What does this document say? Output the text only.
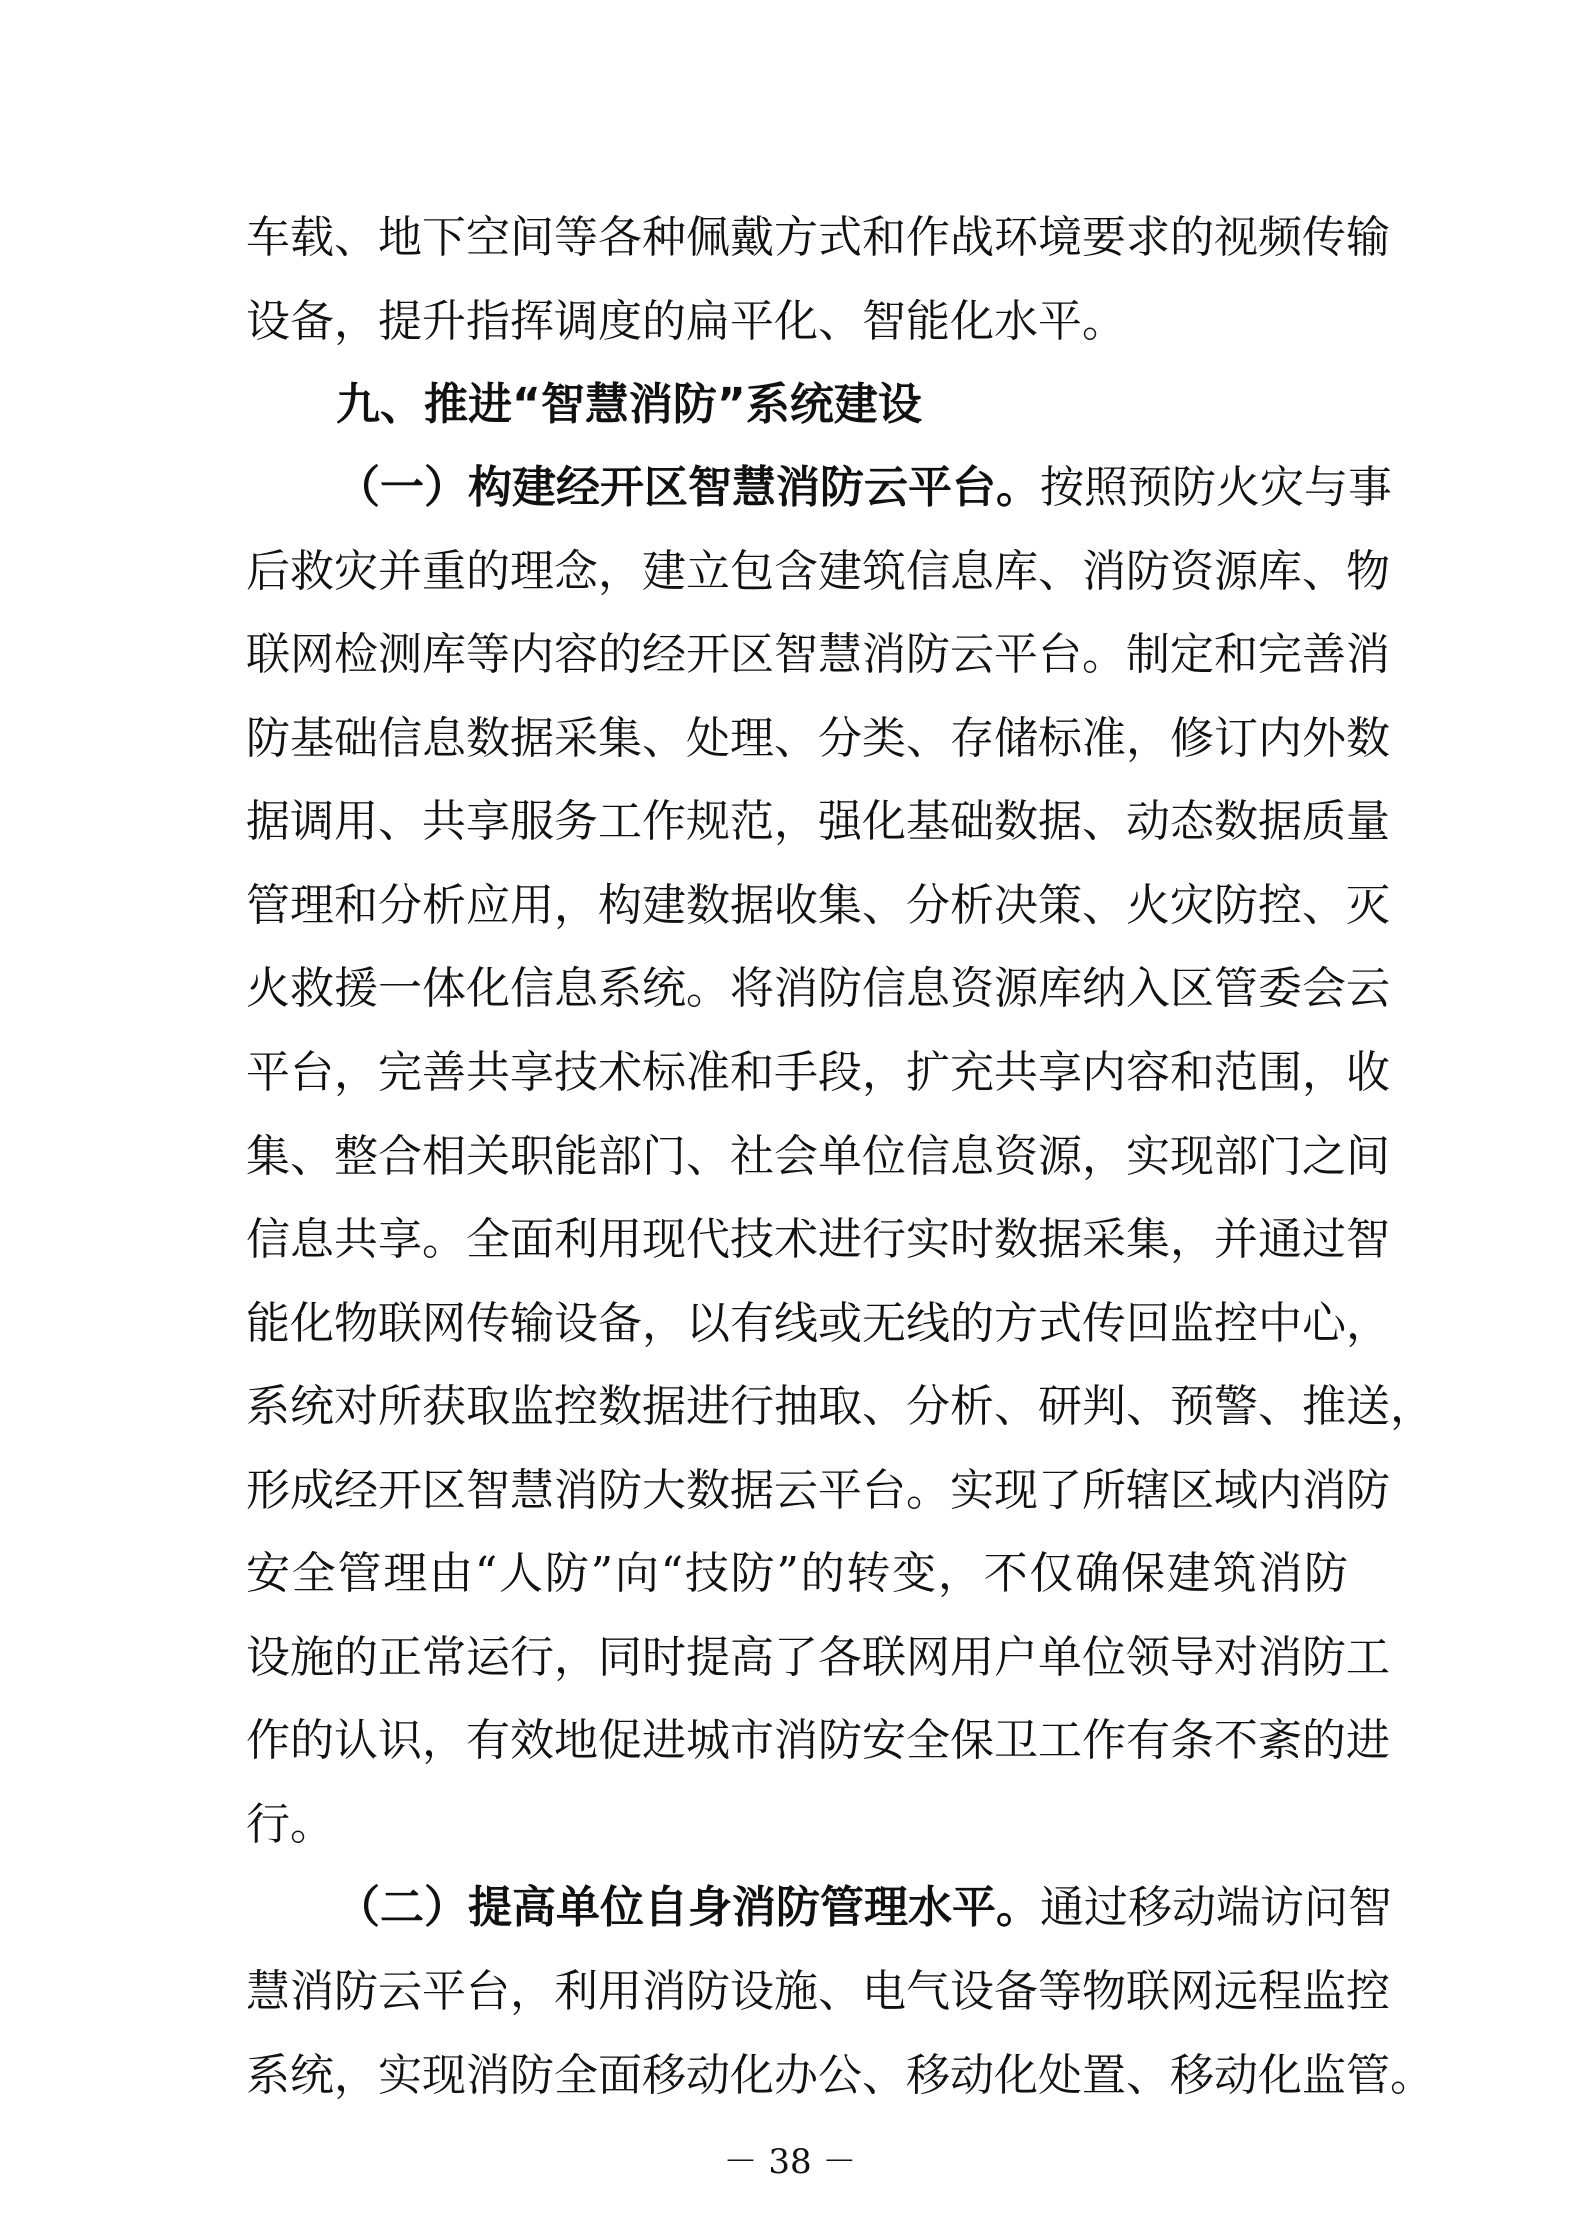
车载、地下空间等各种佩戴方式和作战环境要求的视频传输
设备，提升指挥调度的扁平化、智能化水平。
九、推进“智慧消防”系统建设
（一）构建经开区智慧消防云平台。按照预防火灾与事
后救灾并重的理念，建立包含建筑信息库、消防资源库、物
联网检测库等内容的经开区智慧消防云平台。制定和完善消
防基础信息数据采集、处理、分类、存储标准，修订内外数
据调用、共享服务工作规范，强化基础数据、动态数据质量
管理和分析应用，构建数据收集、分析决策、火灾防控、灭
火救援一体化信息系统。将消防信息资源库纳入区管委会云
平台，完善共享技术标准和手段，扩充共享内容和范围，收
集、整合相关职能部门、社会单位信息资源，实现部门之间
信息共享。全面利用现代技术进行实时数据采集，并通过智
能化物联网传输设备，以有线或无线的方式传回监控中心，
系统对所获取监控数据进行抽取、分析、研判、预警、推送，
形成经开区智慧消防大数据云平台。实现了所辖区域内消防
安全管理由“人防”向“技防”的转变，不仅确保建筑消防
设施的正常运行，同时提高了各联网用户单位领导对消防工
作的认识，有效地促进城市消防安全保卫工作有条不紊的进
行。
（二）提高单位自身消防管理水平。通过移动端访问智
慧消防云平台，利用消防设施、电气设备等物联网远程监控
系统，实现消防全面移动化办公、移动化处置、移动化监管。
－ 38 －
